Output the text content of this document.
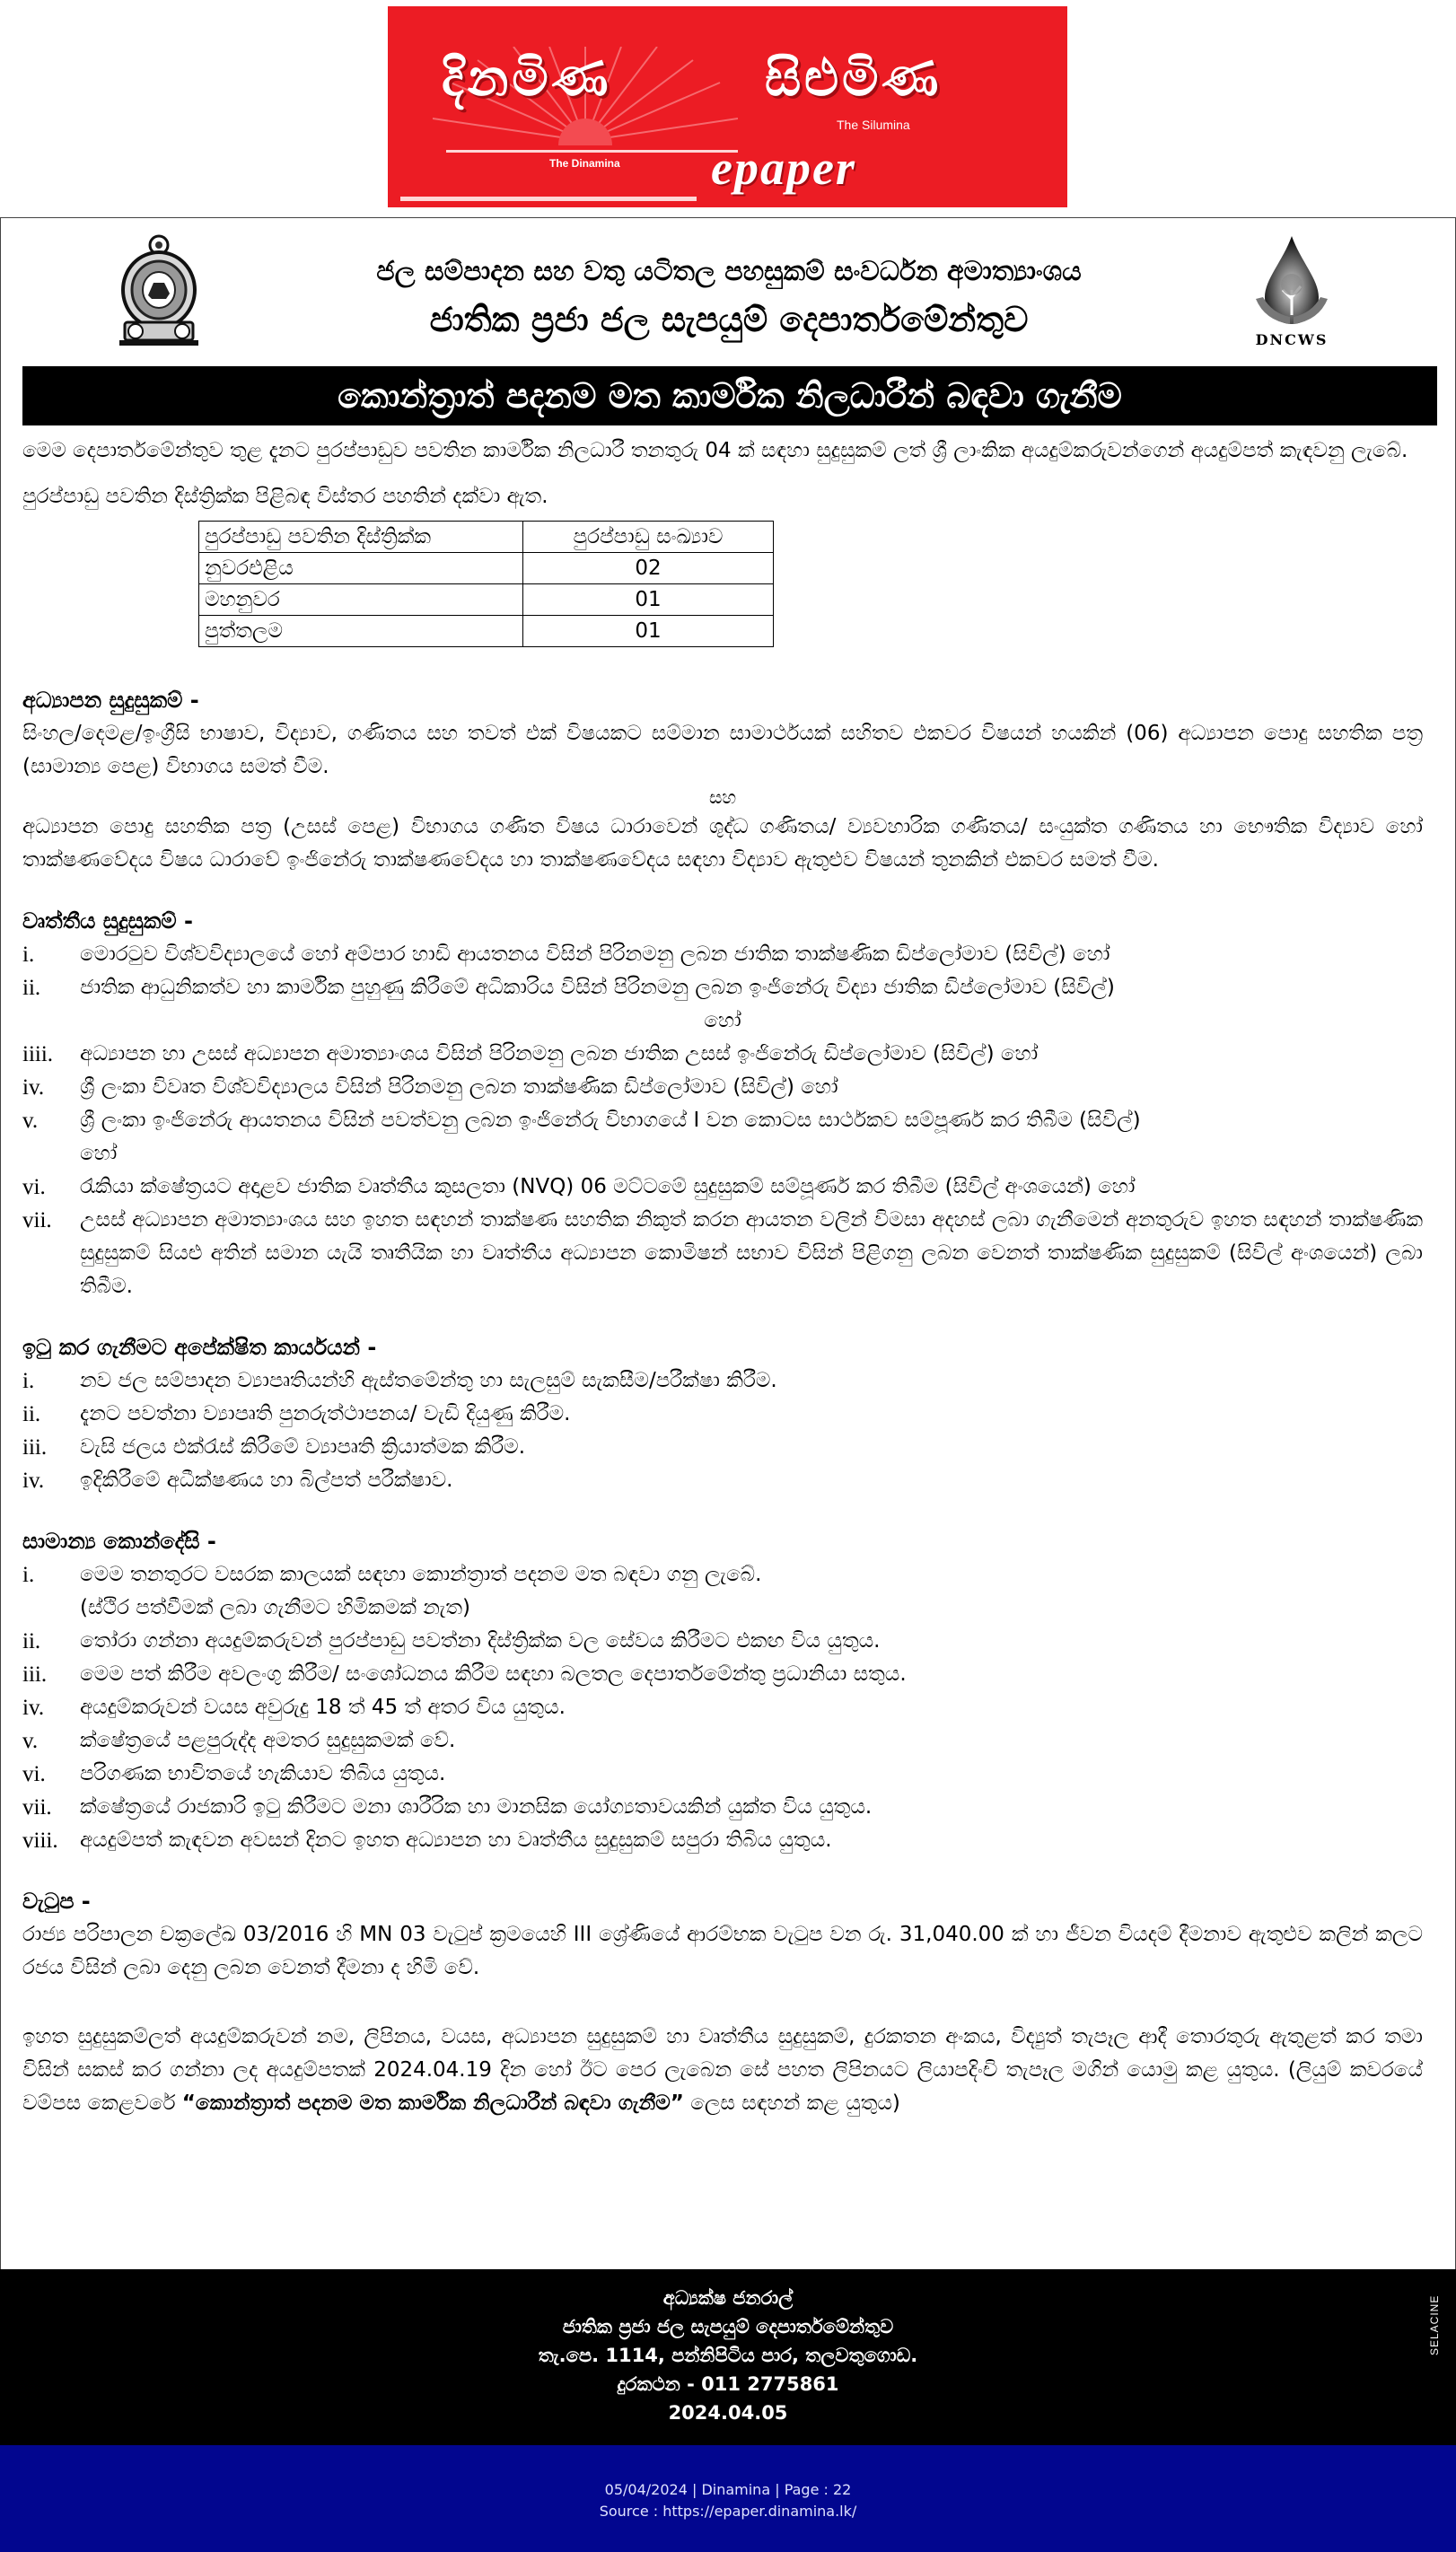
දිනමිණ	සිළුමිණ
The Dinamina
The Silumina
epaper
ජල සම්පාදන සහ වතු යටිතල පහසුකම් සංවර්ධන අමාත්‍යාංශය
ජාතික ප්‍රජා ජල සැපයුම් දෙපාර්තමේන්තුව
DNCWS
කොන්ත්‍රාත් පදනම මත කාර්මික නිලධාරීන් බඳවා ගැනීම

මෙම දෙපාර්තමේන්තුව තුළ දැනට පුරප්පාඩුව පවතින කාර්මික නිලධාරී තනතුරු 04 ක් සඳහා සුදුසුකම් ලත් ශ්‍රී ලාංකික අයදුම්කරුවන්ගෙන් අයදුම්පත් කැඳවනු ලැබේ.

පුරප්පාඩු පවතින දිස්ත්‍රික්ක පිළිබඳ විස්තර පහතින් දක්වා ඇත.

පුරප්පාඩු පවතින දිස්ත්‍රික්ක	පුරප්පාඩු සංඛ්‍යාව
නුවරඑළිය	02
මහනුවර	01
පුත්තලම	01

අධ්‍යාපන සුදුසුකම් -

සිංහල/දෙමළ/ඉංග්‍රීසි භාෂාව, විද්‍යාව, ගණිතය සහ තවත් එක් විෂයකට සම්මාන සාමාර්ථයක් සහිතව එකවර විෂයන් හයකින් (06) අධ්‍යාපන පොදු සහතික පත්‍ර (සාමාන්‍ය පෙළ) විභාගය සමත් වීම.

සහ

අධ්‍යාපන පොදු සහතික පත්‍ර (උසස් පෙළ) විභාගය ගණිත විෂය ධාරාවෙන් ශුද්ධ ගණිතය/ ව්‍යවහාරික ගණිතය/ සංයුක්ත ගණිතය හා භෞතික විද්‍යාව හෝ තාක්ෂණවේදය විෂය ධාරාවේ ඉංජිනේරු තාක්ෂණවේදය හා තාක්ෂණවේදය සඳහා විද්‍යාව ඇතුළුව විෂයන් තුනකින් එකවර සමත් වීම.

වෘත්තීය සුදුසුකම් -

i.	මොරටුව විශ්වවිද්‍යාලයේ හෝ අම්පාර හාඩි ආයතනය විසින් පිරිනමනු ලබන ජාතික තාක්ෂණික ඩිප්ලෝමාව (සිවිල්) හෝ
ii.	ජාතික ආධුනිකත්ව හා කාර්මික පුහුණු කිරීමේ අධිකාරිය විසින් පිරිනමනු ලබන ඉංජිනේරු විද්‍යා ජාතික ඩිප්ලෝමාව (සිවිල්)
හෝ
iiii.	අධ්‍යාපන හා උසස් අධ්‍යාපන අමාත්‍යාංශය විසින් පිරිනමනු ලබන ජාතික උසස් ඉංජිනේරු ඩිප්ලෝමාව (සිවිල්) හෝ
iv.	ශ්‍රී ලංකා විවෘත විශ්වවිද්‍යාලය විසින් පිරිනමනු ලබන තාක්ෂණික ඩිප්ලෝමාව (සිවිල්) හෝ
v.	ශ්‍රී ලංකා ඉංජිනේරු ආයතනය විසින් පවත්වනු ලබන ඉංජිනේරු විභාගයේ I වන කොටස සාර්ථකව සම්පූර්ණ කර තිබීම (සිවිල්)
හෝ
vi.	රැකියා ක්ෂේත්‍රයට අදාළව ජාතික වෘත්තීය කුසලතා (NVQ) 06 මට්ටමේ සුදුසුකම් සම්පූර්ණ කර තිබීම (සිවිල් අංශයෙන්) හෝ
vii.	උසස් අධ්‍යාපන අමාත්‍යාංශය සහ ඉහත සඳහන් තාක්ෂණ සහතික නිකුත් කරන ආයතන වලින් විමසා අදහස් ලබා ගැනීමෙන් අනතුරුව ඉහත සඳහන් තාක්ෂණික සුදුසුකම් සියළු අතින් සමාන යැයි තෘතීයික හා වෘත්තීය අධ්‍යාපන කොමිෂන් සභාව විසින් පිළිගනු ලබන වෙනත් තාක්ෂණික සුදුසුකම් (සිවිල් අංශයෙන්) ලබා තිබීම.

ඉටු කර ගැනීමට අපේක්ෂිත කාර්යයන් -

i.	නව ජල සම්පාදන ව්‍යාපෘතියන්හි ඇස්තමේන්තු හා සැලසුම් සැකසීම/පරීක්ෂා කිරීම.
ii.	දැනට පවත්නා ව්‍යාපෘති පුනරුත්ථාපනය/ වැඩි දියුණු කිරීම.
iii.	වැසි ජලය එක්රැස් කිරීමේ ව්‍යාපෘති ක්‍රියාත්මක කිරීම.
iv.	ඉදිකිරීමේ අධීක්ෂණය හා බිල්පත් පරීක්ෂාව.

සාමාන්‍ය කොන්දේසි -

i.	මෙම තනතුරට වසරක කාලයක් සඳහා කොන්ත්‍රාත් පදනම මත බඳවා ගනු ලැබේ.
(ස්ථිර පත්වීමක් ලබා ගැනීමට හිමිකමක් නැත)
ii.	තෝරා ගන්නා අයදුම්කරුවන් පුරප්පාඩු පවත්නා දිස්ත්‍රික්ක වල සේවය කිරීමට එකඟ විය යුතුය.
iii.	මෙම පත් කිරීම අවලංගු කිරීම/ සංශෝධනය කිරීම සඳහා බලතල දෙපාර්තමේන්තු ප්‍රධානියා සතුය.
iv.	අයදුම්කරුවන් වයස අවුරුදු 18 ත් 45 ත් අතර විය යුතුය.
v.	ක්ෂේත්‍රයේ පළපුරුද්ද අමතර සුදුසුකමක් වේ.
vi.	පරිගණක භාවිතයේ හැකියාව තිබිය යුතුය.
vii.	ක්ෂේත්‍රයේ රාජකාරි ඉටු කිරීමට මනා ශාරීරික හා මානසික යෝග්‍යතාවයකින් යුක්ත විය යුතුය.
viii.	අයදුම්පත් කැඳවන අවසන් දිනට ඉහත අධ්‍යාපන හා වෘත්තීය සුදුසුකම් සපුරා තිබිය යුතුය.

වැටුප -

රාජ්‍ය පරිපාලන චක්‍රලේඛ 03/2016 හි MN 03 වැටුප් ක්‍රමයෙහි III ශ්‍රේණියේ ආරම්භක වැටුප වන රු. 31,040.00 ක් හා ජීවන වියදම් දීමනාව ඇතුළුව කලින් කලට රජය විසින් ලබා දෙනු ලබන වෙනත් දීමනා ද හිමි වේ.

ඉහත සුදුසුකම්ලත් අයදුම්කරුවන් නම, ලිපිනය, වයස, අධ්‍යාපන සුදුසුකම් හා වෘත්තීය සුදුසුකම්, දුරකතන අංකය, විද්‍යුත් තැපෑල ආදී තොරතුරු ඇතුළත් කර තමා විසින් සකස් කර ගන්නා ලද අයදුම්පතක් 2024.04.19 දින හෝ ඊට පෙර ලැබෙන සේ පහත ලිපිනයට ලියාපදිංචි තැපෑල මගින් යොමු කළ යුතුය. (ලියුම් කවරයේ වම්පස කෙළවරේ “කොන්ත්‍රාත් පදනම මත කාර්මික නිලධාරීන් බඳවා ගැනීම” ලෙස සඳහන් කළ යුතුය)

අධ්‍යක්ෂ ජනරාල්
ජාතික ප්‍රජා ජල සැපයුම් දෙපාර්තමේන්තුව
තැ.පෙ. 1114, පන්නිපිටිය පාර, තලවතුගොඩ.
දුරකථන - 011 2775861
2024.04.05
SELACINE
05/04/2024 | Dinamina | Page : 22
Source : https://epaper.dinamina.lk/
